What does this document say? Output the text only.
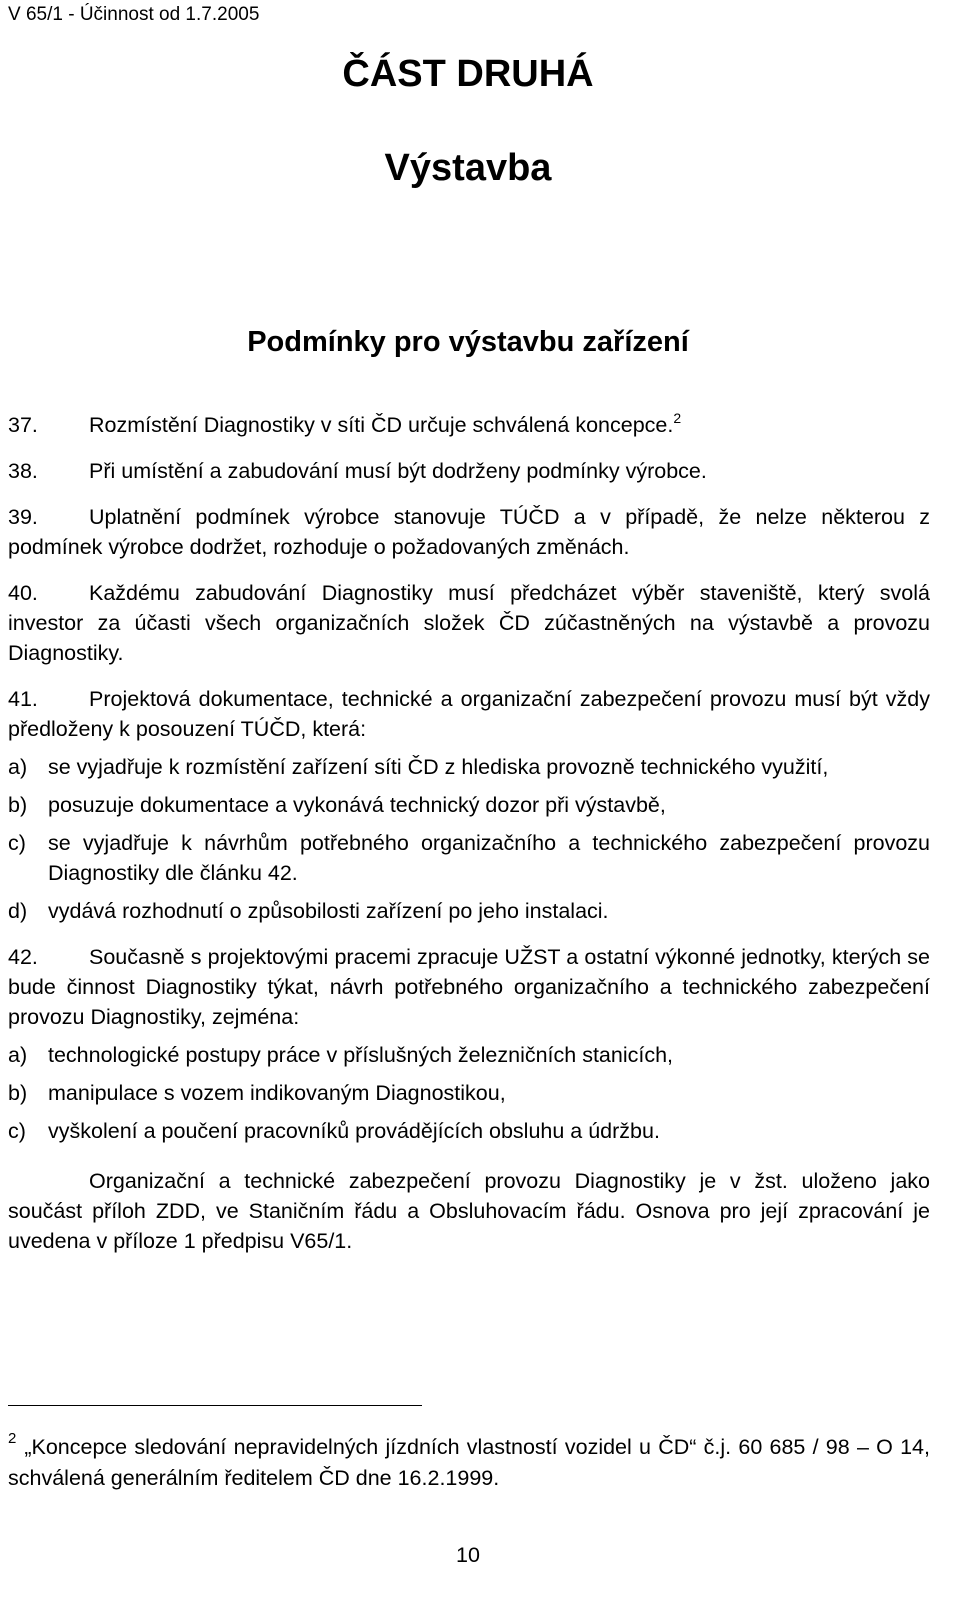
V 65/1 - Účinnost od 1.7.2005
ČÁST DRUHÁ
Výstavba
Podmínky pro výstavbu zařízení
37. Rozmístění Diagnostiky v síti ČD určuje schválená koncepce.$^2$
38. Při umístění a zabudování musí být dodrženy podmínky výrobce.
39. Uplatnění podmínek výrobce stanovuje TÚČD a v případě, že nelze některou z podmínek výrobce dodržet, rozhoduje o požadovaných změnách.
40. Každému zabudování Diagnostiky musí předcházet výběr staveniště, který svolá investor za účasti všech organizačních složek ČD zúčastněných na výstavbě a provozu Diagnostiky.
41. Projektová dokumentace, technické a organizační zabezpečení provozu musí být vždy předloženy k posouzení TÚČD, která:
a) se vyjadřuje k rozmístění zařízení síti ČD z hlediska provozně technického využití,
b) posuzuje dokumentace a vykonává technický dozor při výstavbě,
c)	se vyjadřuje k návrhům potřebného organizačního a technického zabezpečení provozu Diagnostiky dle článku 42.
d) vydává rozhodnutí o způsobilosti zařízení po jeho instalaci.
42. Současně s projektovými pracemi zpracuje UŽST a ostatní výkonné jednotky, kterých se bude činnost Diagnostiky týkat, návrh potřebného organizačního a technického zabezpečení provozu Diagnostiky, zejména:
a) technologické postupy práce v příslušných železničních stanicích,
b) manipulace s vozem indikovaným Diagnostikou,
c)	vyškolení a poučení pracovníků provádějících obsluhu a údržbu.
Organizační a technické zabezpečení provozu Diagnostiky je v žst. uloženo jako součást příloh ZDD, ve Staničním řádu a Obsluhovacím řádu. Osnova pro její zpracování je uvedena v příloze 1 předpisu V65/1.
$^2$ „Koncepce sledování nepravidelných jízdních vlastností vozidel u ČD“ č.j. 60 685 / 98 – O 14, schválená generálním ředitelem ČD dne 16.2.1999.
10
